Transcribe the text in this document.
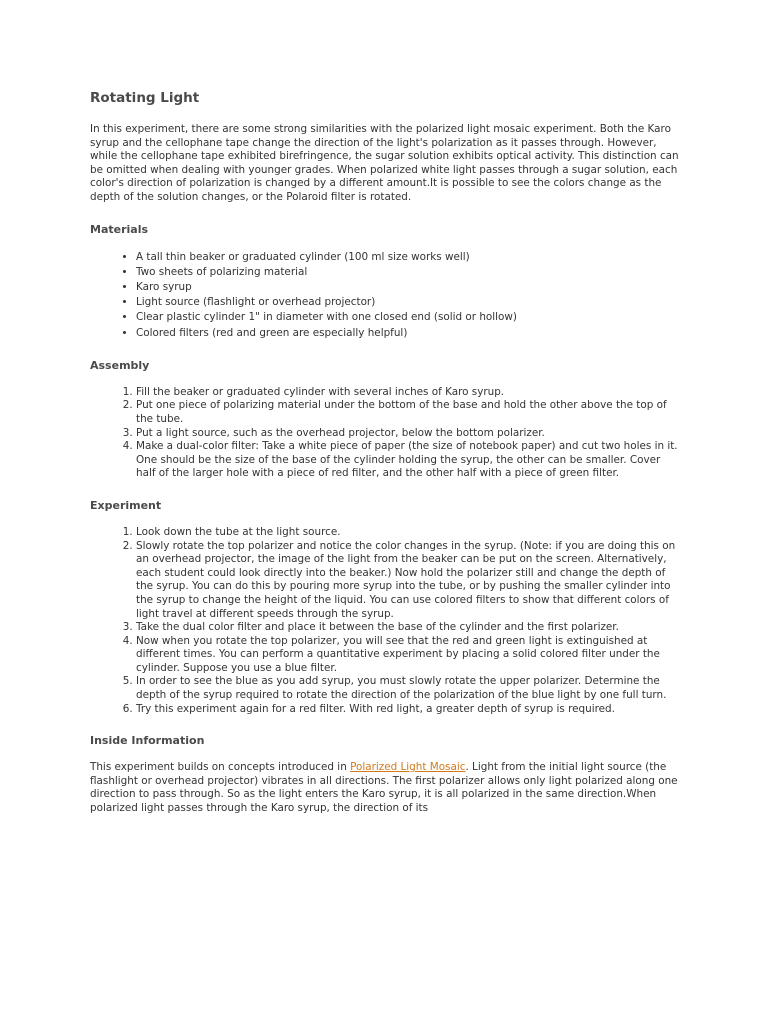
Rotating Light

In this experiment, there are some strong similarities with the polarized light mosaic experiment. Both the Karo syrup and the cellophane tape change the direction of the light's polarization as it passes through. However, while the cellophane tape exhibited birefringence, the sugar solution exhibits optical activity. This distinction can be omitted when dealing with younger grades. When polarized white light passes through a sugar solution, each color's direction of polarization is changed by a different amount.It is possible to see the colors change as the depth of the solution changes, or the Polaroid filter is rotated.

Materials
• A tall thin beaker or graduated cylinder (100 ml size works well)
• Two sheets of polarizing material
• Karo syrup
• Light source (flashlight or overhead projector)
• Clear plastic cylinder 1" in diameter with one closed end (solid or hollow)
• Colored filters (red and green are especially helpful)
Assembly
1. Fill the beaker or graduated cylinder with several inches of Karo syrup.
2. Put one piece of polarizing material under the bottom of the base and hold the other above the top of the tube.
3. Put a light source, such as the overhead projector, below the bottom polarizer.
4. Make a dual-color filter: Take a white piece of paper (the size of notebook paper) and cut two holes in it. One should be the size of the base of the cylinder holding the syrup, the other can be smaller. Cover half of the larger hole with a piece of red filter, and the other half with a piece of green filter.
Experiment
1. Look down the tube at the light source.
2. Slowly rotate the top polarizer and notice the color changes in the syrup. (Note: if you are doing this on an overhead projector, the image of the light from the beaker can be put on the screen. Alternatively, each student could look directly into the beaker.) Now hold the polarizer still and change the depth of the syrup. You can do this by pouring more syrup into the tube, or by pushing the smaller cylinder into the syrup to change the height of the liquid. You can use colored filters to show that different colors of light travel at different speeds through the syrup.
3. Take the dual color filter and place it between the base of the cylinder and the first polarizer.
4. Now when you rotate the top polarizer, you will see that the red and green light is extinguished at different times. You can perform a quantitative experiment by placing a solid colored filter under the cylinder. Suppose you use a blue filter.
5. In order to see the blue as you add syrup, you must slowly rotate the upper polarizer. Determine the depth of the syrup required to rotate the direction of the polarization of the blue light by one full turn.
6. Try this experiment again for a red filter. With red light, a greater depth of syrup is required.
Inside Information

This experiment builds on concepts introduced in Polarized Light Mosaic. Light from the initial light source (the flashlight or overhead projector) vibrates in all directions. The first polarizer allows only light polarized along one direction to pass through. So as the light enters the Karo syrup, it is all polarized in the same direction.When polarized light passes through the Karo syrup, the direction of its
